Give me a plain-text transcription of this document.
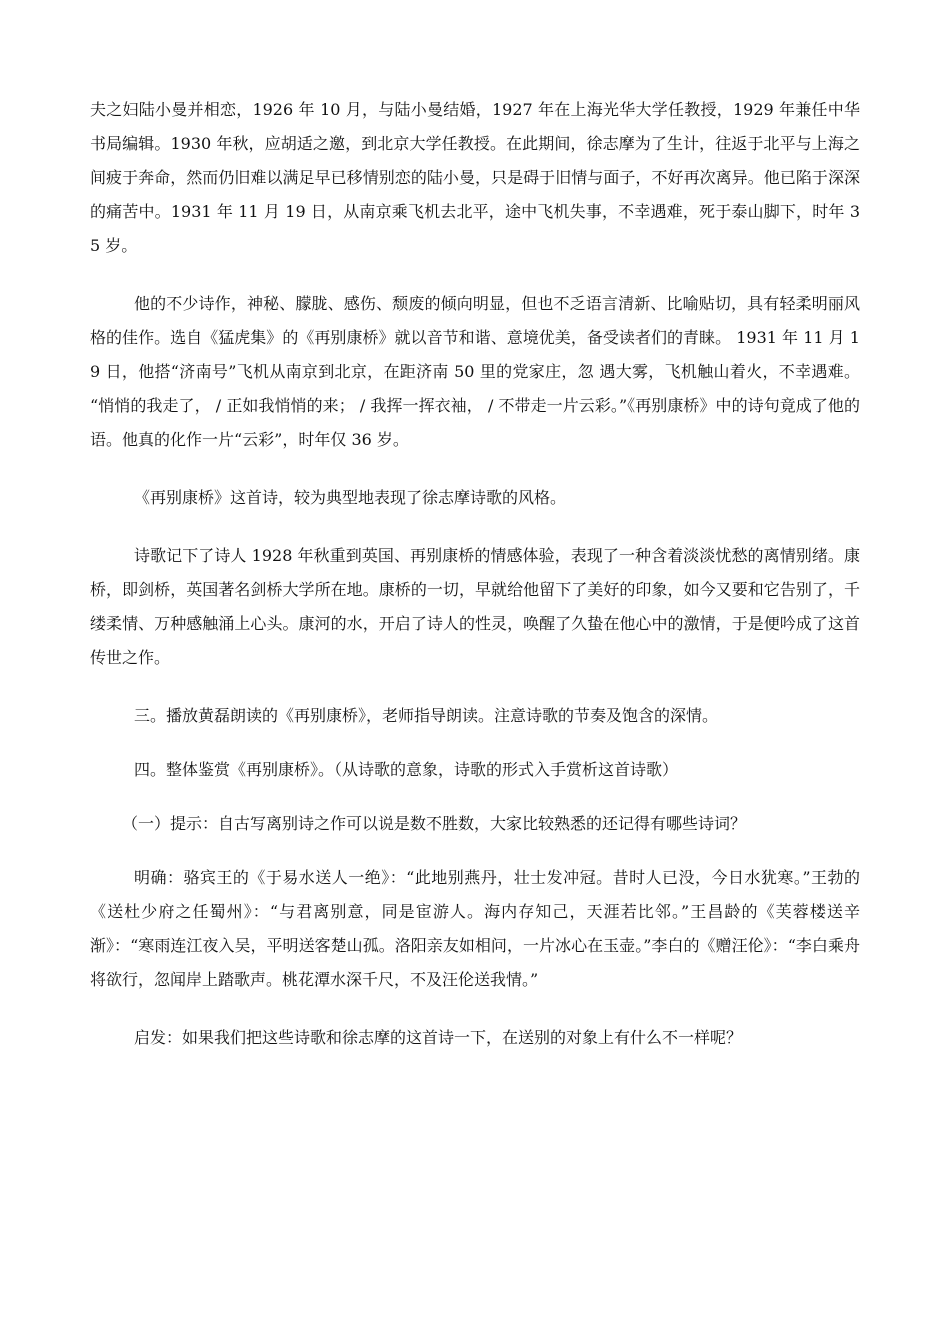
夫之妇陆小曼并相恋，1926 年 10 月，与陆小曼结婚，1927 年在上海光华大学任教授，1929 年兼任中华书局编辑。1930 年秋，应胡适之邀，到北京大学任教授。在此期间，徐志摩为了生计，往返于北平与上海之间疲于奔命，然而仍旧难以满足早已移情别恋的陆小曼，只是碍于旧情与面子，不好再次离异。他已陷于深深的痛苦中。1931 年 11 月 19 日，从南京乘飞机去北平，途中飞机失事，不幸遇难，死于泰山脚下，时年 35 岁。

他的不少诗作，神秘、朦胧、感伤、颓废的倾向明显，但也不乏语言清新、比喻贴切，具有轻柔明丽风格的佳作。选自《猛虎集》的《再别康桥》就以音节和谐、意境优美，备受读者们的青睐。 1931 年 11 月 19 日，他搭“济南号”飞机从南京到北京，在距济南 50 里的党家庄，忽 遇大雾，飞机触山着火，不幸遇难。 “悄悄的我走了， / 正如我悄悄的来； / 我挥一挥衣袖， / 不带走一片云彩。”《再别康桥》中的诗句竟成了他的语。他真的化作一片“云彩”，时年仅 36 岁。

《再别康桥》这首诗，较为典型地表现了徐志摩诗歌的风格。

诗歌记下了诗人 1928 年秋重到英国、再别康桥的情感体验，表现了一种含着淡淡忧愁的离情别绪。康桥，即剑桥，英国著名剑桥大学所在地。康桥的一切，早就给他留下了美好的印象，如今又要和它告别了，千缕柔情、万种感触涌上心头。康河的水，开启了诗人的性灵，唤醒了久蛰在他心中的激情，于是便吟成了这首传世之作。

三。播放黄磊朗读的《再别康桥》，老师指导朗读。注意诗歌的节奏及饱含的深情。

四。整体鉴赏《再别康桥》。（从诗歌的意象，诗歌的形式入手赏析这首诗歌）

（一）提示：自古写离别诗之作可以说是数不胜数，大家比较熟悉的还记得有哪些诗词？

明确：骆宾王的《于易水送人一绝》：“此地别燕丹，壮士发冲冠。昔时人已没，今日水犹寒。”王勃的《送杜少府之任蜀州》：“与君离别意，同是宦游人。海内存知己，天涯若比邻。”王昌龄的《芙蓉楼送辛渐》：“寒雨连江夜入吴，平明送客楚山孤。洛阳亲友如相问，一片冰心在玉壶。”李白的《赠汪伦》：“李白乘舟将欲行，忽闻岸上踏歌声。桃花潭水深千尺，不及汪伦送我情。”

启发：如果我们把这些诗歌和徐志摩的这首诗一下，在送别的对象上有什么不一样呢？
